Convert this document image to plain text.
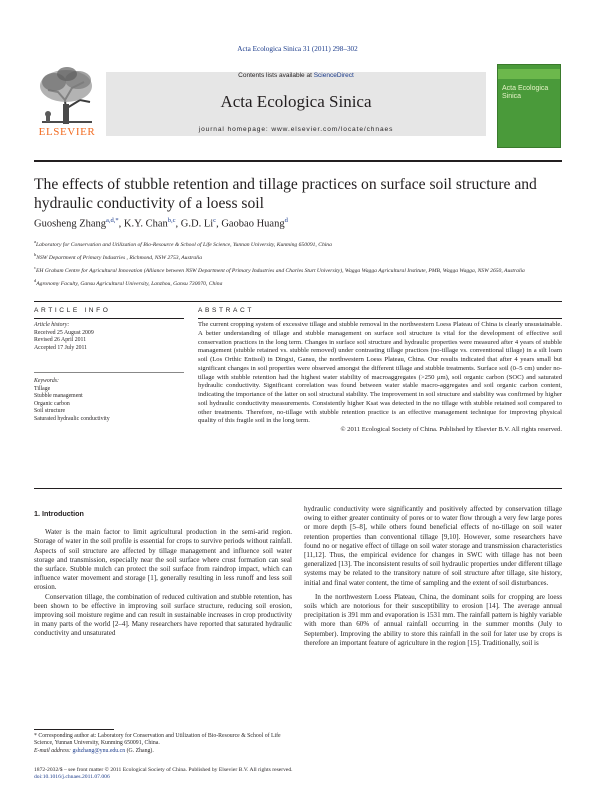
Acta Ecologica Sinica 31 (2011) 298–302
ELSEVIER
Contents lists available at ScienceDirect
Acta Ecologica Sinica
journal homepage: www.elsevier.com/locate/chnaes
Acta Ecologica Sinica
The effects of stubble retention and tillage practices on surface soil structure and hydraulic conductivity of a loess soil
Guosheng Zhang$^{a,d,*}$, K.Y. Chan$^{b,c}$, G.D. Li$^c$, Gaobao Huang$^d$
$^a$Laboratory for Conservation and Utilization of Bio-Resource & School of Life Science, Yunnan University, Kunming 650091, China
$^b$NSW Department of Primary Industries , Richmond, NSW 2753, Australia
$^c$EH Graham Centre for Agricultural Innovation (Alliance between NSW Department of Primary Industries and Charles Sturt University), Wagga Wagga Agricultural Institute, PMB, Wagga Wagga, NSW 2650, Australia
$^d$Agronomy Faculty, Gansu Agricultural University, Lanzhou, Gansu 730070, China
ARTICLE INFO	ABSTRACT
Article history:
Received 25 August 2009
Revised 26 April 2011
Accepted 17 July 2011
Keywords:
Tillage
Stubble management
Organic carbon
Soil structure
Saturated hydraulic conductivity
The current cropping system of excessive tillage and stubble removal in the northwestern Loess Plateau of China is clearly unsustainable. A better understanding of tillage and stubble management on surface soil structure is vital for the development of effective soil conservation practices in the long term. Changes in surface soil structure and hydraulic properties were measured after 4 years of stubble management (stubble retained vs. stubble removed) under contrasting tillage practices (no-tillage vs. conventional tillage) in a silt loam soil (Los Orthic Entisol) in Dingxi, Gansu, the northwestern Loess Plateau, China. Our results indicated that after 4 years small but significant changes in soil properties were observed amongst the different tillage and stubble treatments. Surface soil (0–5 cm) under no-tillage with stubble retention had the highest water stability of macroaggregates (>250 μm), soil organic carbon (SOC) and saturated hydraulic conductivity. Significant correlation was found between water stable macro-aggregates and soil organic carbon content, indicating the importance of the latter on soil structural stability. The improvement in soil structure and stability was confirmed by higher soil hydraulic conductivity measurements. Consistently higher Ksat was detected in the no tillage with stubble retained soil compared to other treatments. Therefore, no-tillage with stubble retention practice is an effective management technique for improving physical quality of this fragile soil in the long term.
© 2011 Ecological Society of China. Published by Elsevier B.V. All rights reserved.
1. Introduction

Water is the main factor to limit agricultural production in the semi-arid region. Storage of water in the soil profile is essential for crops to survive periods without rainfall. Aspects of soil structure are affected by tillage management and influence soil water storage and transmission, especially near the soil surface where crust formation can seal the surface. Stubble mulch can protect the soil surface from raindrop impact, which can influence water movement and storage [1], generally resulting in less runoff and less soil erosion.

Conservation tillage, the combination of reduced cultivation and stubble retention, has been shown to be effective in improving soil surface structure, reducing soil erosion, improving soil moisture regime and can result in sustainable increases in crop productivity in many parts of the world [2–4]. Many researchers have reported that saturated hydraulic conductivity and unsaturated

hydraulic conductivity were significantly and positively affected by conservation tillage owing to either greater continuity of pores or to water flow through a very few large pores or more depth [5–8], while others found beneficial effects of no-tillage on soil water retention properties than conventional tillage [9,10]. However, some researchers have found no or negative effect of tillage on soil water storage and transmission characteristics [11,12]. Thus, the empirical evidence for changes in SWC with tillage has not been generalized [13]. The inconsistent results of soil hydraulic properties under different tillage systems may be related to the transitory nature of soil structure after tillage, site history, initial and final water content, the time of sampling and the extent of soil disturbances.

In the northwestern Loess Plateau, China, the dominant soils for cropping are loess soils which are notorious for their susceptibility to erosion [14]. The average annual precipitation is 391 mm and evaporation is 1531 mm. The rainfall pattern is highly variable with more than 60% of annual rainfall occurring in the summer months (July to September). Improving the ability to store this rainfall in the soil for later use by crops is therefore an important feature of agriculture in the region [15]. Traditionally, soil is

* Corresponding author at: Laboratory for Conservation and Utilization of Bio-Resource & School of Life Science, Yunnan University, Kunming 650091, China.
E-mail address: gshzhang@ynu.edu.cn (G. Zhang).
1872-2032/$ – see front matter © 2011 Ecological Society of China. Published by Elsevier B.V. All rights reserved.
doi:10.1016/j.chnaes.2011.07.006
